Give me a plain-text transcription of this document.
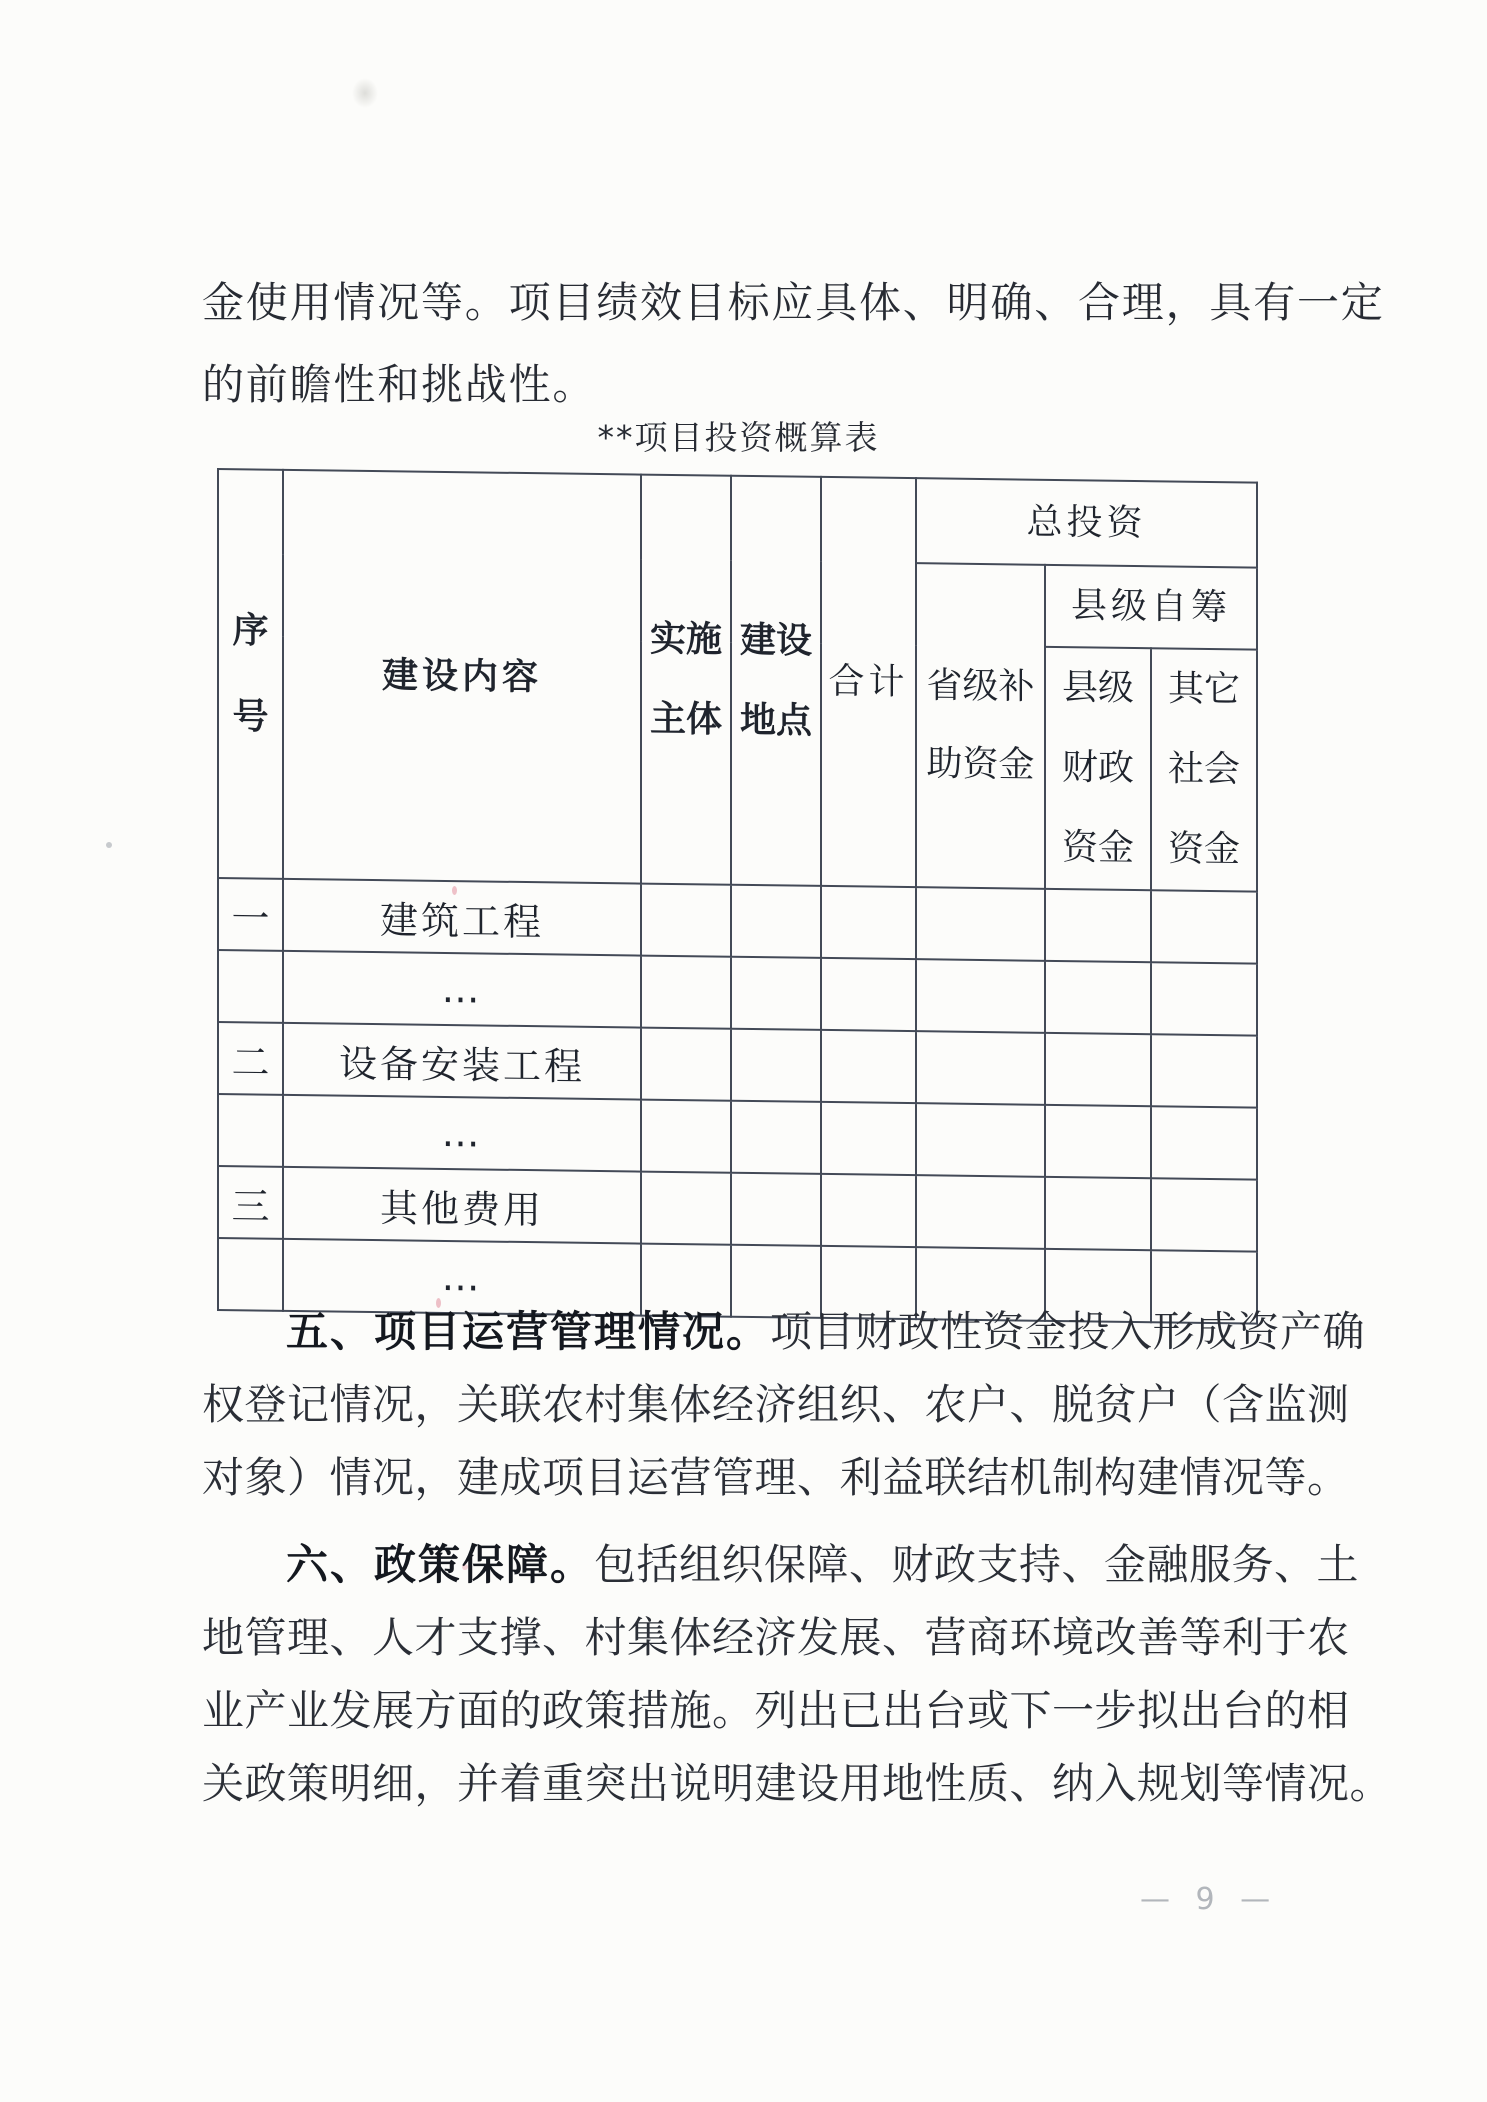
金使用情况等。项目绩效目标应具体、明确、合理，具有一定
的前瞻性和挑战性。
**项目投资概算表
序号	建设内容	实施主体	建设地点	合计	总投资		

					省级补助资金	县级自筹	

						县级财政资金	其它社会资金

一	建筑工程						
	…						
二	设备安装工程						
	…						
三	其他费用						
	…						
五、项目运营管理情况。项目财政性资金投入形成资产确
权登记情况，关联农村集体经济组织、农户、脱贫户（含监测
对象）情况，建成项目运营管理、利益联结机制构建情况等。
六、政策保障。包括组织保障、财政支持、金融服务、土
地管理、人才支撑、村集体经济发展、营商环境改善等利于农
业产业发展方面的政策措施。列出已出台或下一步拟出台的相
关政策明细，并着重突出说明建设用地性质、纳入规划等情况。
— 9 —
